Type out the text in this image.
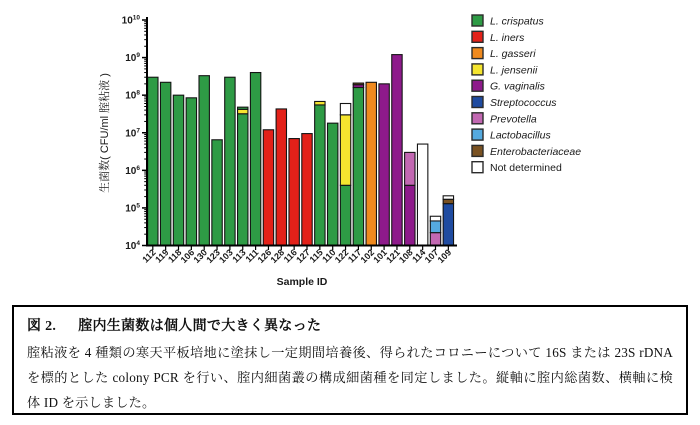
$10^4$
$10^5$
$10^6$
$10^7$
$10^8$
$10^9$
$10^{10}$
112
119
118
106
130
123
103
113
111
126
128
116
127
115
110
122
117
102
101
121
108
114
107
109
Sample ID
生菌数( CFU/ml 腟粘液 )
L. crispatus
L. iners
L. gasseri
L. jensenii
G. vaginalis
Streptococcus
Prevotella
Lactobacillus
Enterobacteriaceae
Not determined
図 2. 腟内生菌数は個人間で大きく異なった
腟粘液を 4 種類の寒天平板培地に塗抹し一定期間培養後、得られたコロニーについて 16S または 23S rDNA を標的とした colony PCR を行い、腟内細菌叢の構成細菌種を同定しました。縦軸に腟内総菌数、横軸に検体 ID を示しました。
